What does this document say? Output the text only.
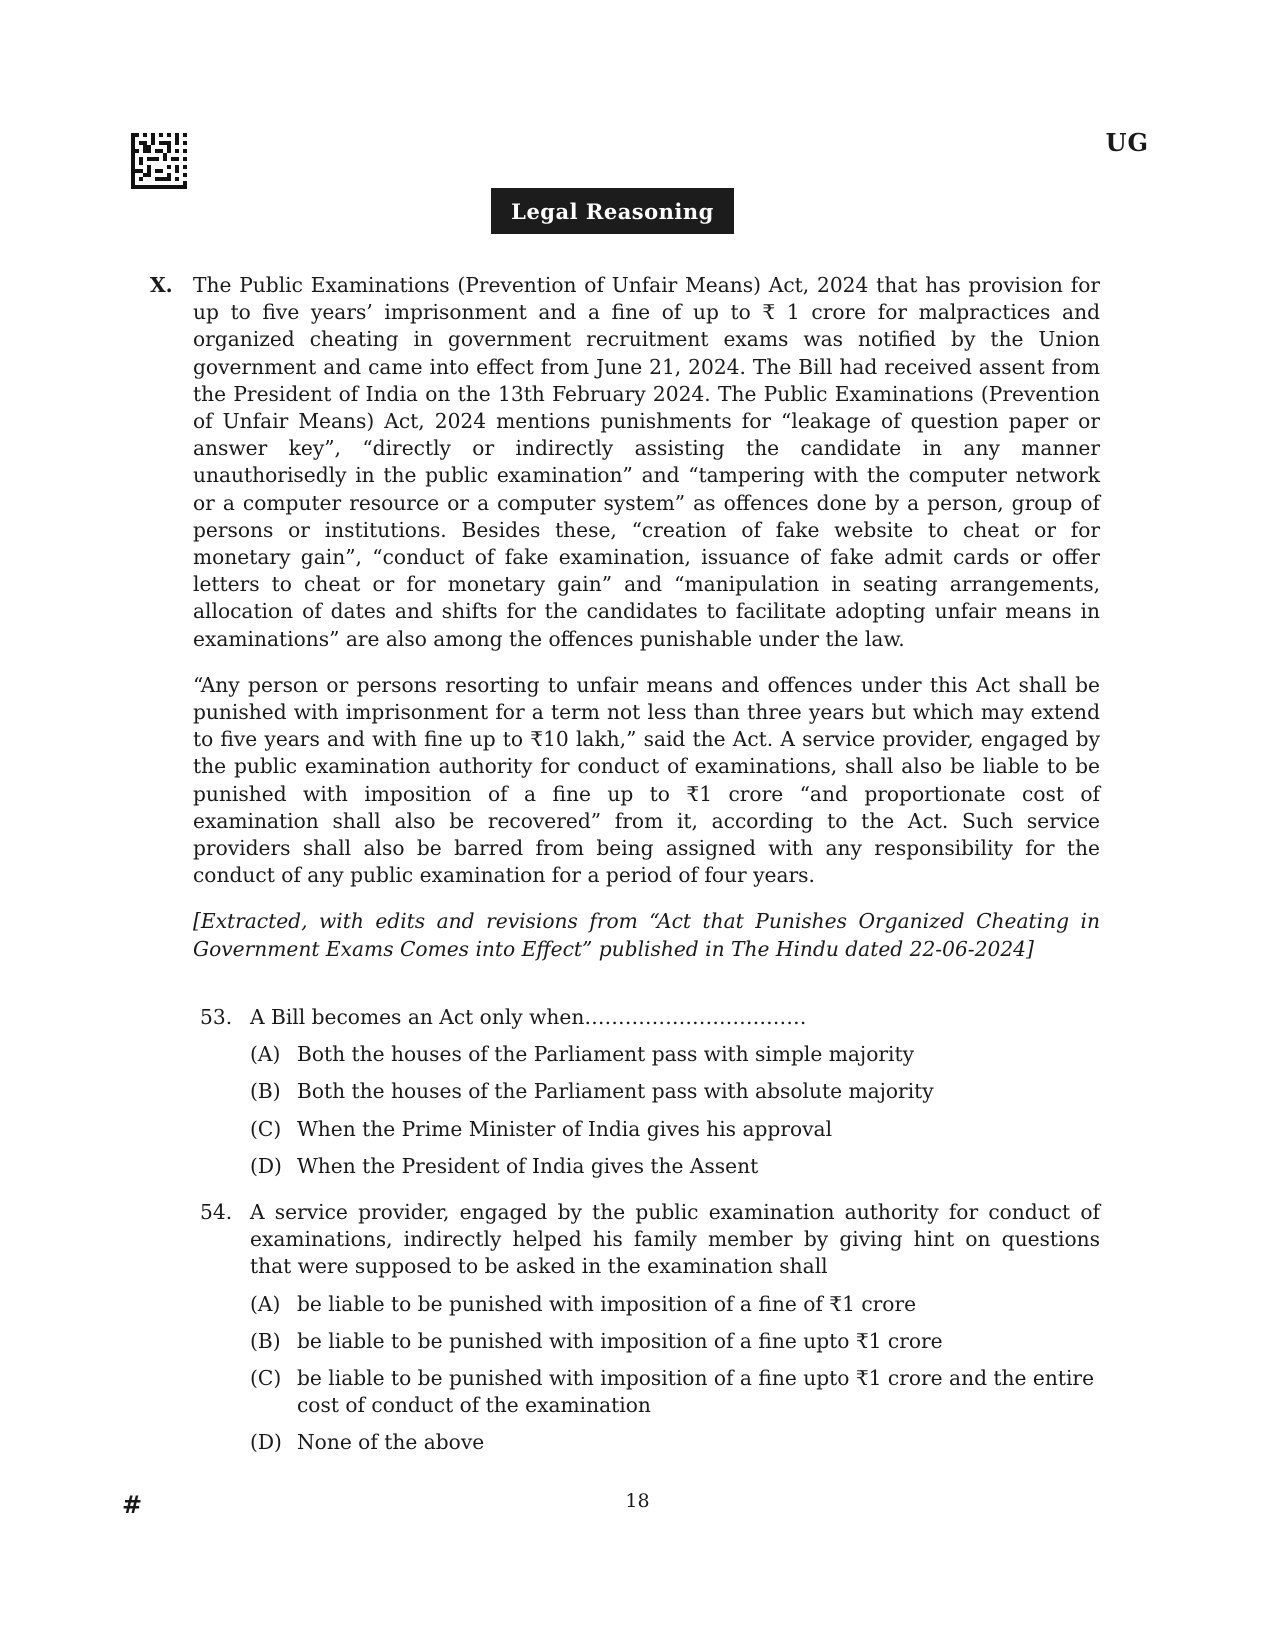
UG
Legal Reasoning
X. The Public Examinations (Prevention of Unfair Means) Act, 2024 that has provision for up to five years’ imprisonment and a fine of up to ₹ 1 crore for malpractices and organized cheating in government recruitment exams was notified by the Union government and came into effect from June 21, 2024. The Bill had received assent from the President of India on the 13th February 2024. The Public Examinations (Prevention of Unfair Means) Act, 2024 mentions punishments for “leakage of question paper or answer key”, “directly or indirectly assisting the candidate in any manner unauthorisedly in the public examination” and “tampering with the computer network or a computer resource or a computer system” as offences done by a person, group of persons or institutions. Besides these, “creation of fake website to cheat or for monetary gain”, “conduct of fake examination, issuance of fake admit cards or offer letters to cheat or for monetary gain” and “manipulation in seating arrangements, allocation of dates and shifts for the candidates to facilitate adopting unfair means in examinations” are also among the offences punishable under the law.

“Any person or persons resorting to unfair means and offences under this Act shall be punished with imprisonment for a term not less than three years but which may extend to five years and with fine up to ₹10 lakh,” said the Act. A service provider, engaged by the public examination authority for conduct of examinations, shall also be liable to be punished with imposition of a fine up to ₹1 crore “and proportionate cost of examination shall also be recovered” from it, according to the Act. Such service providers shall also be barred from being assigned with any responsibility for the conduct of any public examination for a period of four years.

[Extracted, with edits and revisions from “Act that Punishes Organized Cheating in Government Exams Comes into Effect” published in The Hindu dated 22-06-2024]

53. A Bill becomes an Act only when……………………………
(A) Both the houses of the Parliament pass with simple majority
(B) Both the houses of the Parliament pass with absolute majority
(C) When the Prime Minister of India gives his approval
(D) When the President of India gives the Assent
54. A service provider, engaged by the public examination authority for conduct of examinations, indirectly helped his family member by giving hint on questions that were supposed to be asked in the examination shall
(A) be liable to be punished with imposition of a fine of ₹1 crore
(B) be liable to be punished with imposition of a fine upto ₹1 crore
(C) be liable to be punished with imposition of a fine upto ₹1 crore and the entire cost of conduct of the examination
(D) None of the above
#	18
